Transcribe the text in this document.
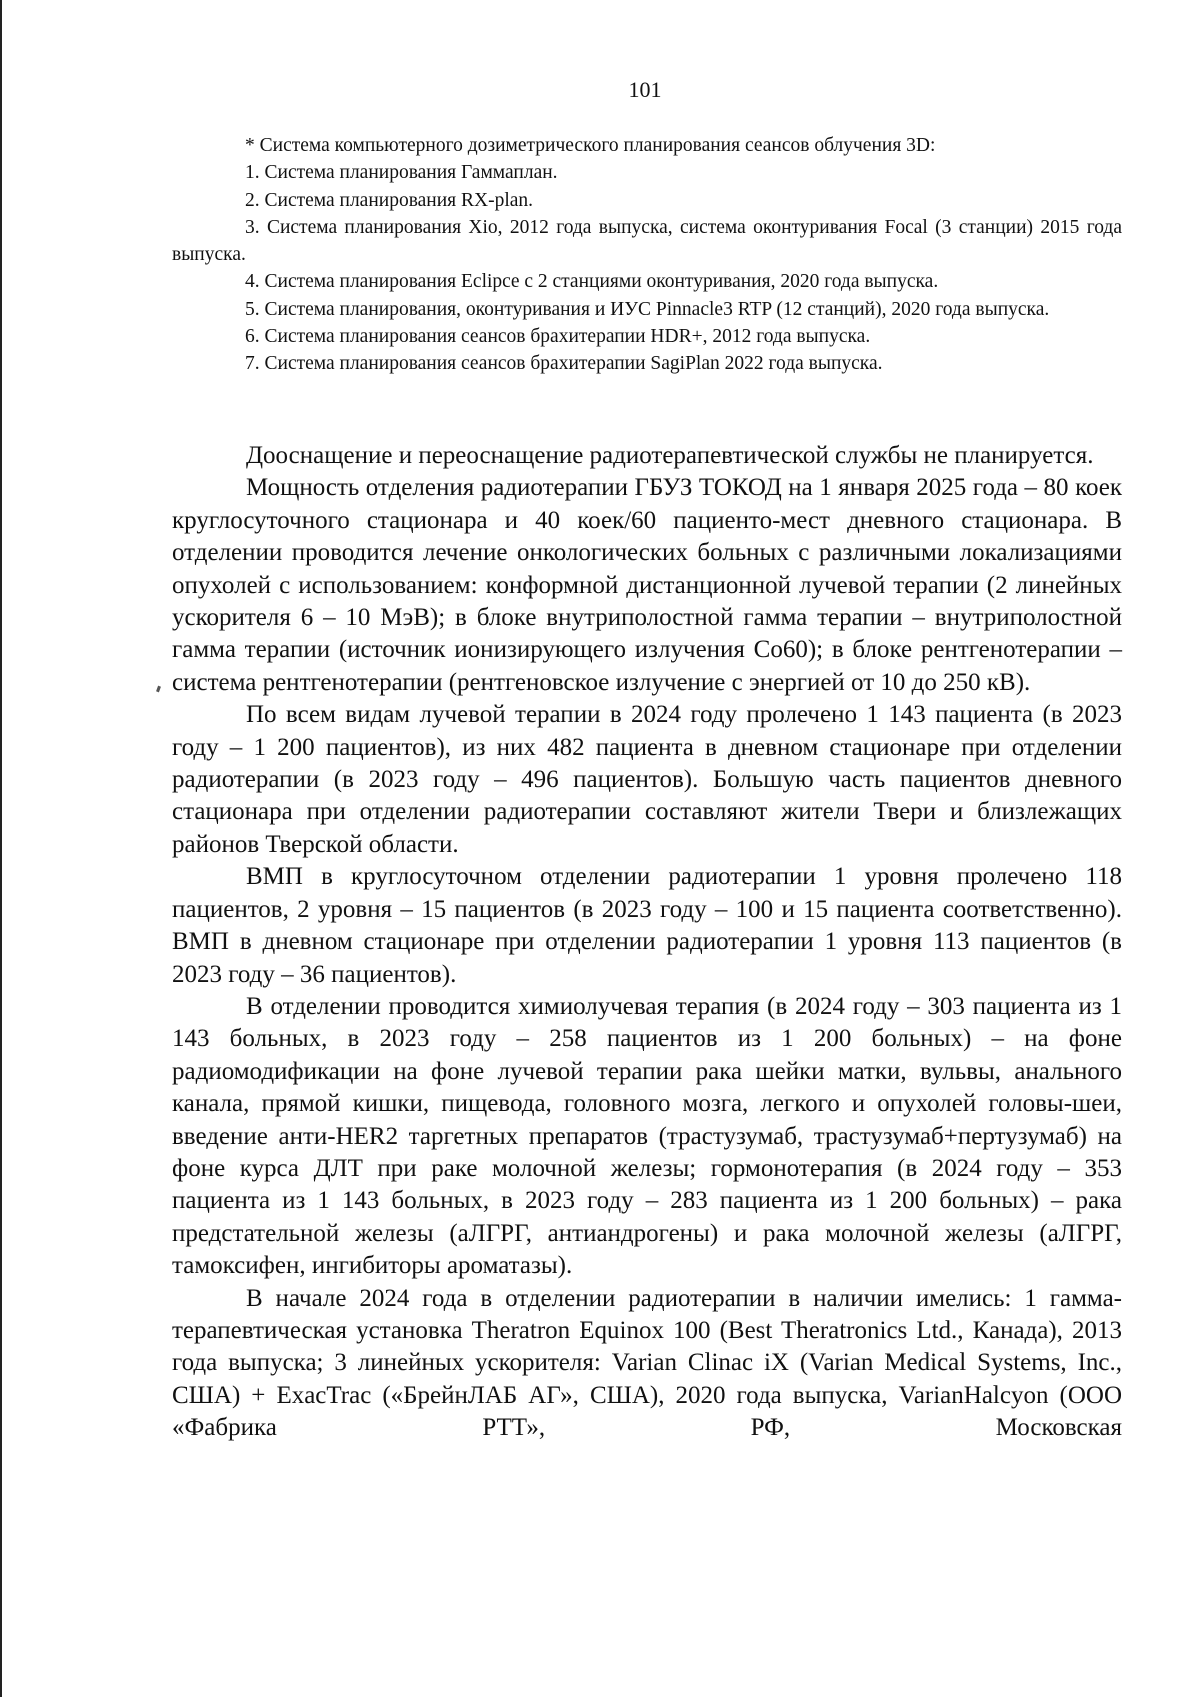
101

* Система компьютерного дозиметрического планирования сеансов облучения 3D:

1. Система планирования Гаммаплан.

2. Система планирования RX-plan.

3. Система планирования Xio, 2012 года выпуска, система оконтуривания Focal (3 станции) 2015 года выпуска.

4. Система планирования Eclipce с 2 станциями оконтуривания, 2020 года выпуска.

5. Система планирования, оконтуривания и ИУС Pinnacle3 RTP (12 станций), 2020 года выпуска.

6. Система планирования сеансов брахитерапии HDR+, 2012 года выпуска.

7. Система планирования сеансов брахитерапии SagiPlan 2022 года выпуска.

Дооснащение и переоснащение радиотерапевтической службы не планируется.

Мощность отделения радиотерапии ГБУЗ ТОКОД на 1 января 2025 года – 80 коек круглосуточного стационара и 40 коек/60 пациенто-мест дневного стационара. В отделении проводится лечение онкологических больных с различными локализациями опухолей с использованием: конформной дистанционной лучевой терапии (2 линейных ускорителя 6 – 10 МэВ); в блоке внутриполостной гамма терапии – внутриполостной гамма терапии (источник ионизирующего излучения Co60); в блоке рентгенотерапии – система рентгенотерапии (рентгеновское излучение с энергией от 10 до 250 кВ).

По всем видам лучевой терапии в 2024 году пролечено 1 143 пациента (в 2023 году – 1 200 пациентов), из них 482 пациента в дневном стационаре при отделении радиотерапии (в 2023 году – 496 пациентов). Большую часть пациентов дневного стационара при отделении радиотерапии составляют жители Твери и близлежащих районов Тверской области.

ВМП в круглосуточном отделении радиотерапии 1 уровня пролечено 118 пациентов, 2 уровня – 15 пациентов (в 2023 году – 100 и 15 пациента соответственно). ВМП в дневном стационаре при отделении радиотерапии 1 уровня 113 пациентов (в 2023 году – 36 пациентов).

В отделении проводится химиолучевая терапия (в 2024 году – 303 пациента из 1 143 больных, в 2023 году – 258 пациентов из 1 200 больных) – на фоне радиомодификации на фоне лучевой терапии рака шейки матки, вульвы, анального канала, прямой кишки, пищевода, головного мозга, легкого и опухолей головы-шеи, введение анти-HER2 таргетных препаратов (трастузумаб, трастузумаб+пертузумаб) на фоне курса ДЛТ при раке молочной железы; гормонотерапия (в 2024 году – 353 пациента из 1 143 больных, в 2023 году – 283 пациента из 1 200 больных) – рака предстательной железы (аЛГРГ, антиандрогены) и рака молочной железы (аЛГРГ, тамоксифен, ингибиторы ароматазы).

В начале 2024 года в отделении радиотерапии в наличии имелись: 1 гамма-терапевтическая установка Theratron Equinox 100 (Best Theratronics Ltd., Канада), 2013 года выпуска; 3 линейных ускорителя: Varian Clinac iX (Varian Medical Systems, Inc., США) + ExacTrac («БрейнЛАБ АГ», США), 2020 года выпуска, VarianHalcyon (ООО «Фабрика РТТ», РФ, Московская
